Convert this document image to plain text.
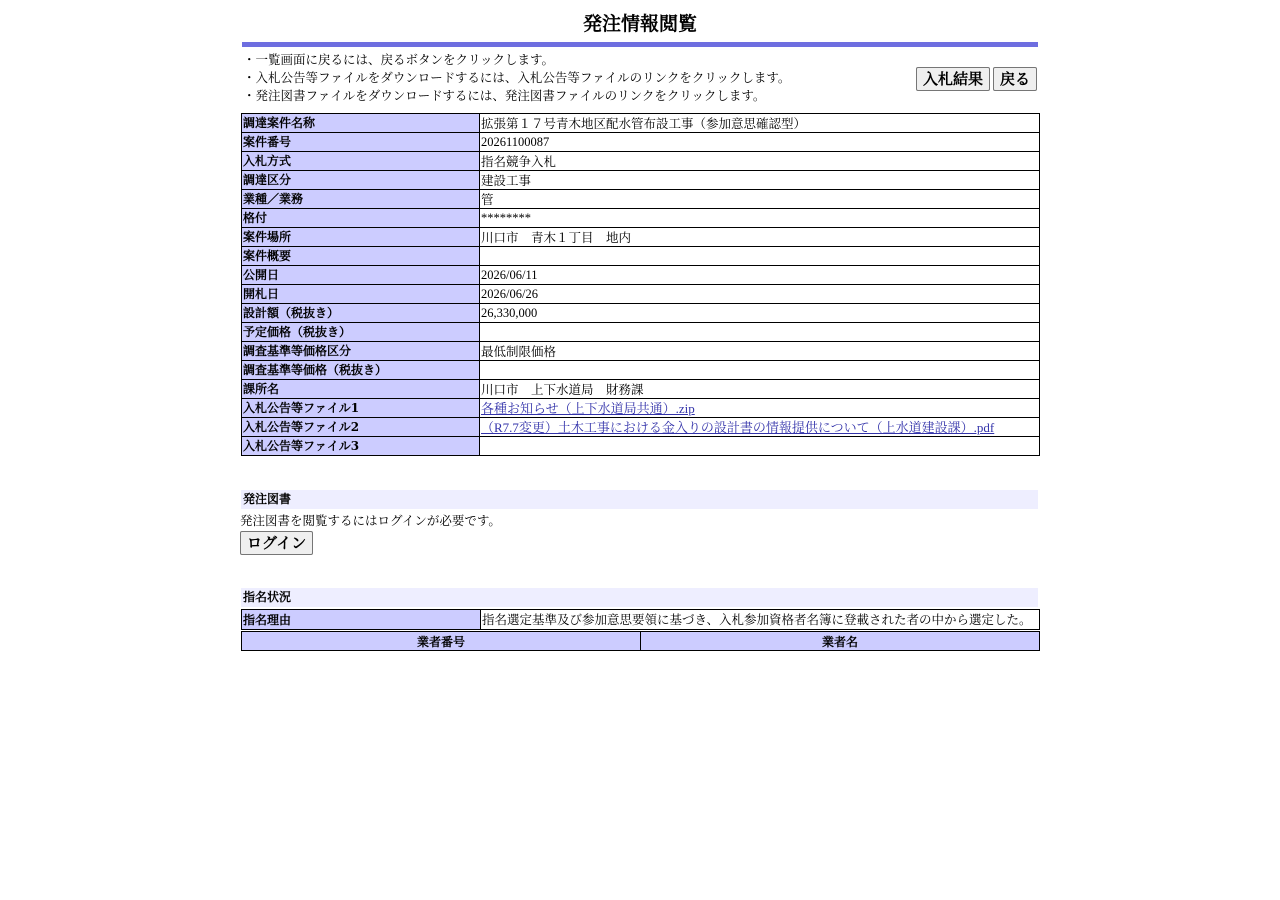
発注情報閲覧
・一覧画面に戻るには、戻るボタンをクリックします。
・入札公告等ファイルをダウンロードするには、入札公告等ファイルのリンクをクリックします。
・発注図書ファイルをダウンロードするには、発注図書ファイルのリンクをクリックします。
入札結果	戻る
調達案件名称	拡張第１７号青木地区配水管布設工事（参加意思確認型）
案件番号	20261100087
入札方式	指名競争入札
調達区分	建設工事
業種／業務	管
格付	********
案件場所	川口市　青木１丁目　地内
案件概要	
公開日	2026/06/11
開札日	2026/06/26
設計額（税抜き）	26,330,000
予定価格（税抜き）	
調査基準等価格区分	最低制限価格
調査基準等価格（税抜き）	
課所名	川口市　上下水道局　財務課
入札公告等ファイル1	各種お知らせ（上下水道局共通）.zip
入札公告等ファイル2	（R7.7変更）土木工事における金入りの設計書の情報提供について（上水道建設課）.pdf
入札公告等ファイル3	
発注図書
発注図書を閲覧するにはログインが必要です。
ログイン
指名状況
指名理由	指名選定基準及び参加意思要領に基づき、入札参加資格者名簿に登載された者の中から選定した。
業者番号	業者名
